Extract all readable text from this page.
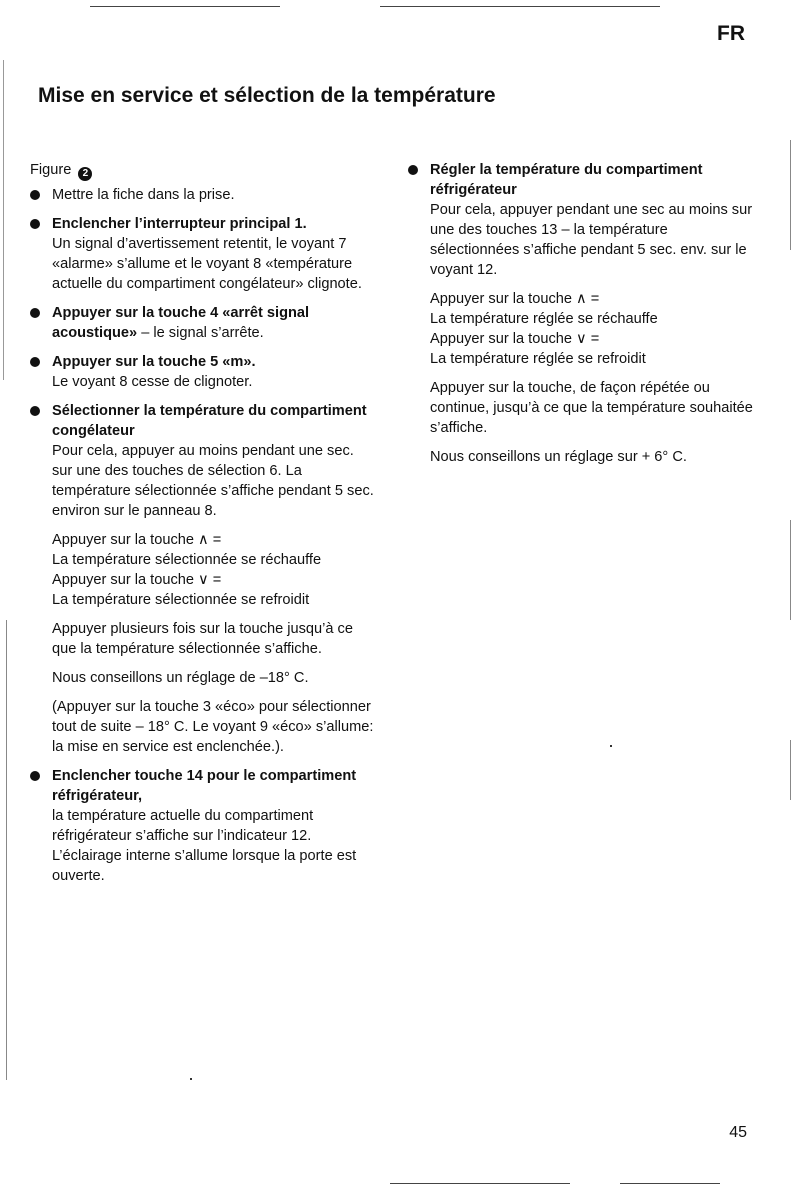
FR
Mise en service et sélection de la température
Figure 2
Mettre la fiche dans la prise.
Enclencher l’interrupteur principal 1.
Un signal d’avertissement retentit, le voyant 7 «alarme» s’allume et le voyant 8 «température actuelle du compartiment congélateur» clignote.
Appuyer sur la touche 4 «arrêt signal acoustique» – le signal s’arrête.
Appuyer sur la touche 5 «m».
Le voyant 8 cesse de clignoter.
Sélectionner la température du compartiment congélateur
Pour cela, appuyer au moins pendant une sec. sur une des touches de sélection 6. La température sélectionnée s’affiche pendant 5 sec. environ sur le panneau 8.
Appuyer sur la touche ∧ =
La température sélectionnée se réchauffe
Appuyer sur la touche ∨ =
La température sélectionnée se refroidit
Appuyer plusieurs fois sur la touche jusqu’à ce que la température sélectionnée s’affiche.
Nous conseillons un réglage de –18° C.
(Appuyer sur la touche 3 «éco» pour sélectionner tout de suite – 18° C. Le voyant 9 «éco» s’allume: la mise en service est enclenchée.).
Enclencher touche 14 pour le compartiment réfrigérateur,
la température actuelle du compartiment réfrigérateur s’affiche sur l’indicateur 12. L’éclairage interne s’allume lorsque la porte est ouverte.
Régler la température du compartiment réfrigérateur
Pour cela, appuyer pendant une sec au moins sur une des touches 13 – la température sélectionnées s’affiche pendant 5 sec. env. sur le voyant 12.
Appuyer sur la touche ∧ =
La température réglée se réchauffe
Appuyer sur la touche ∨ =
La température réglée se refroidit
Appuyer sur la touche, de façon répétée ou continue, jusqu’à ce que la température souhaitée s’affiche.
Nous conseillons un réglage sur + 6° C.
45
